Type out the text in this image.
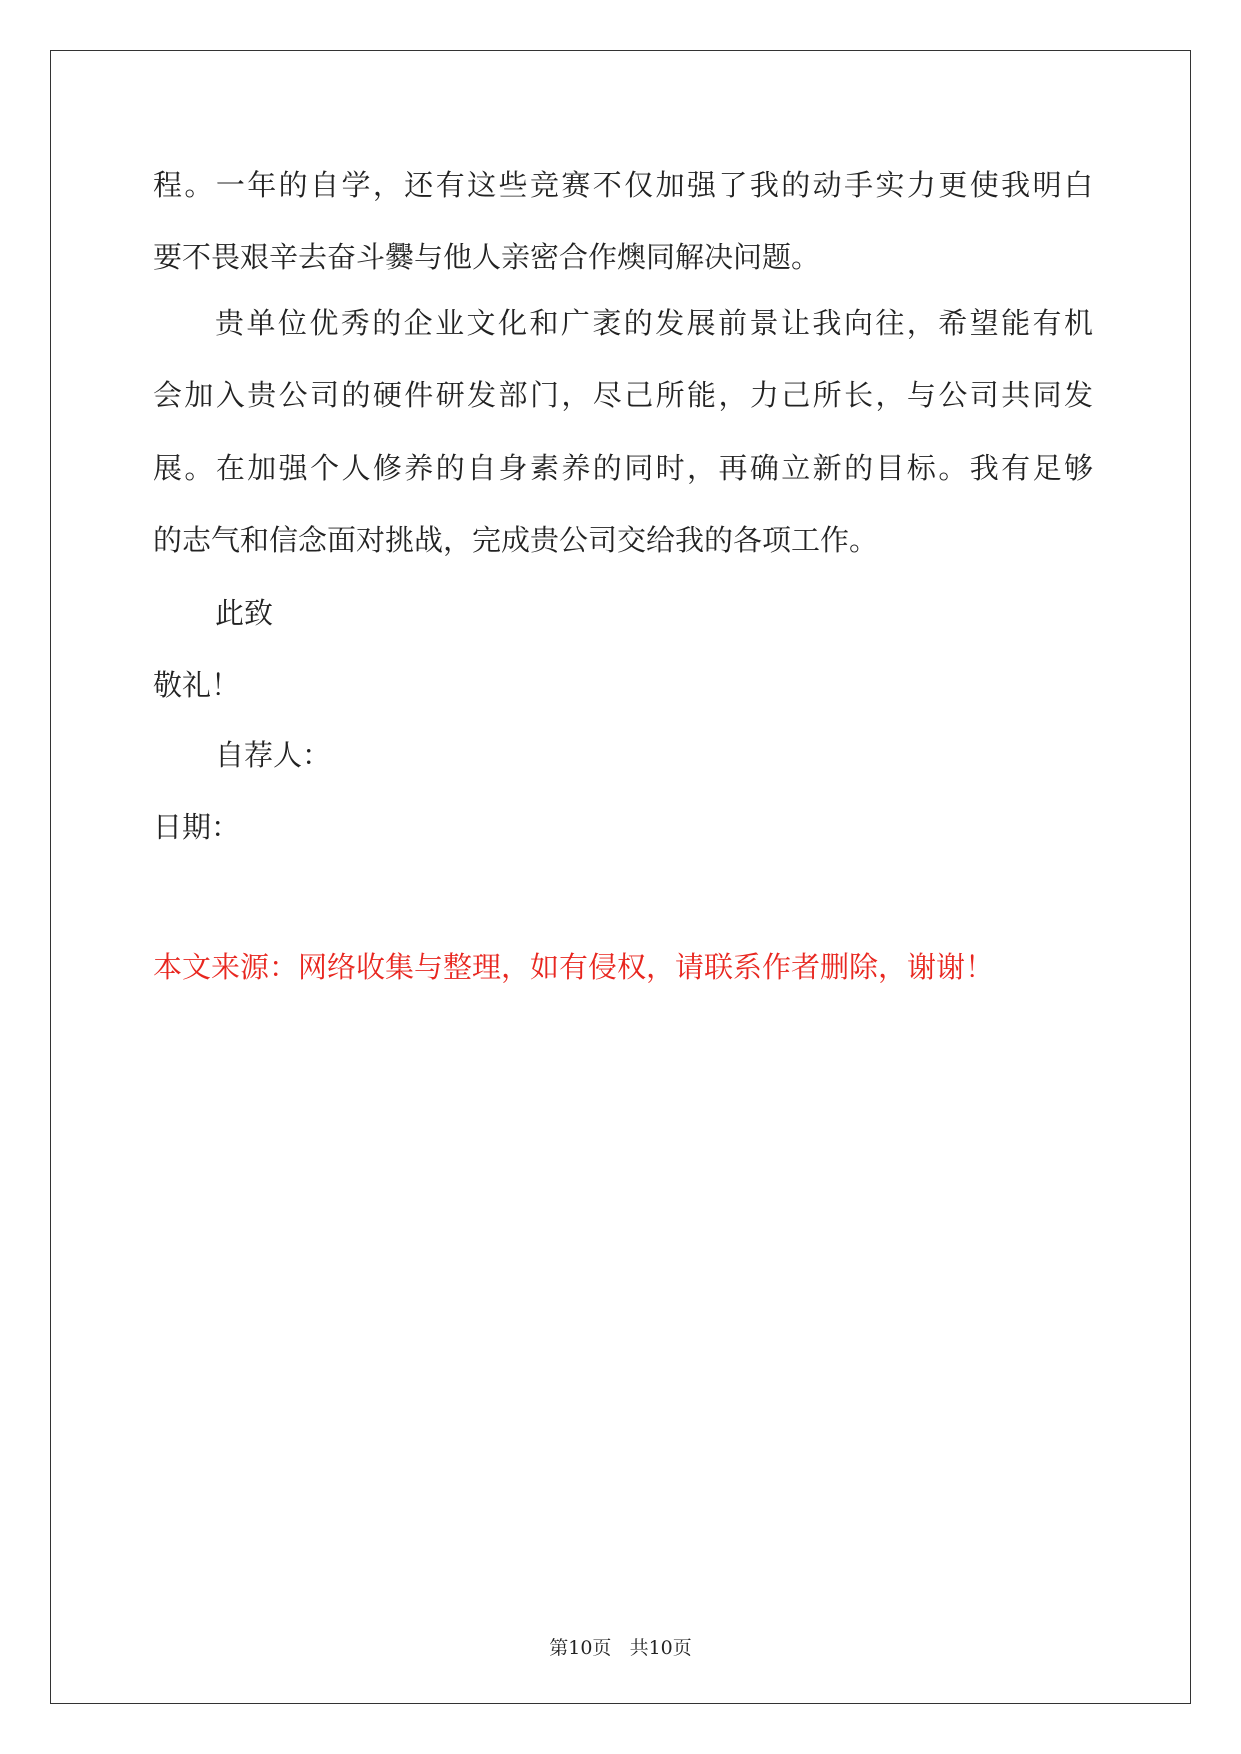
程。一年的自学，还有这些竞赛不仅加强了我的动手实力更使我明白
要不畏艰辛去奋斗爨与他人亲密合作燠同解决问题。
贵单位优秀的企业文化和广袤的发展前景让我向往，希望能有机
会加入贵公司的硬件研发部门，尽己所能，力己所长，与公司共同发
展。在加强个人修养的自身素养的同时，再确立新的目标。我有足够
的志气和信念面对挑战，完成贵公司交给我的各项工作。
此致
敬礼！
自荐人：
日期：
本文来源：网络收集与整理，如有侵权，请联系作者删除，谢谢！
第10页 共10页
